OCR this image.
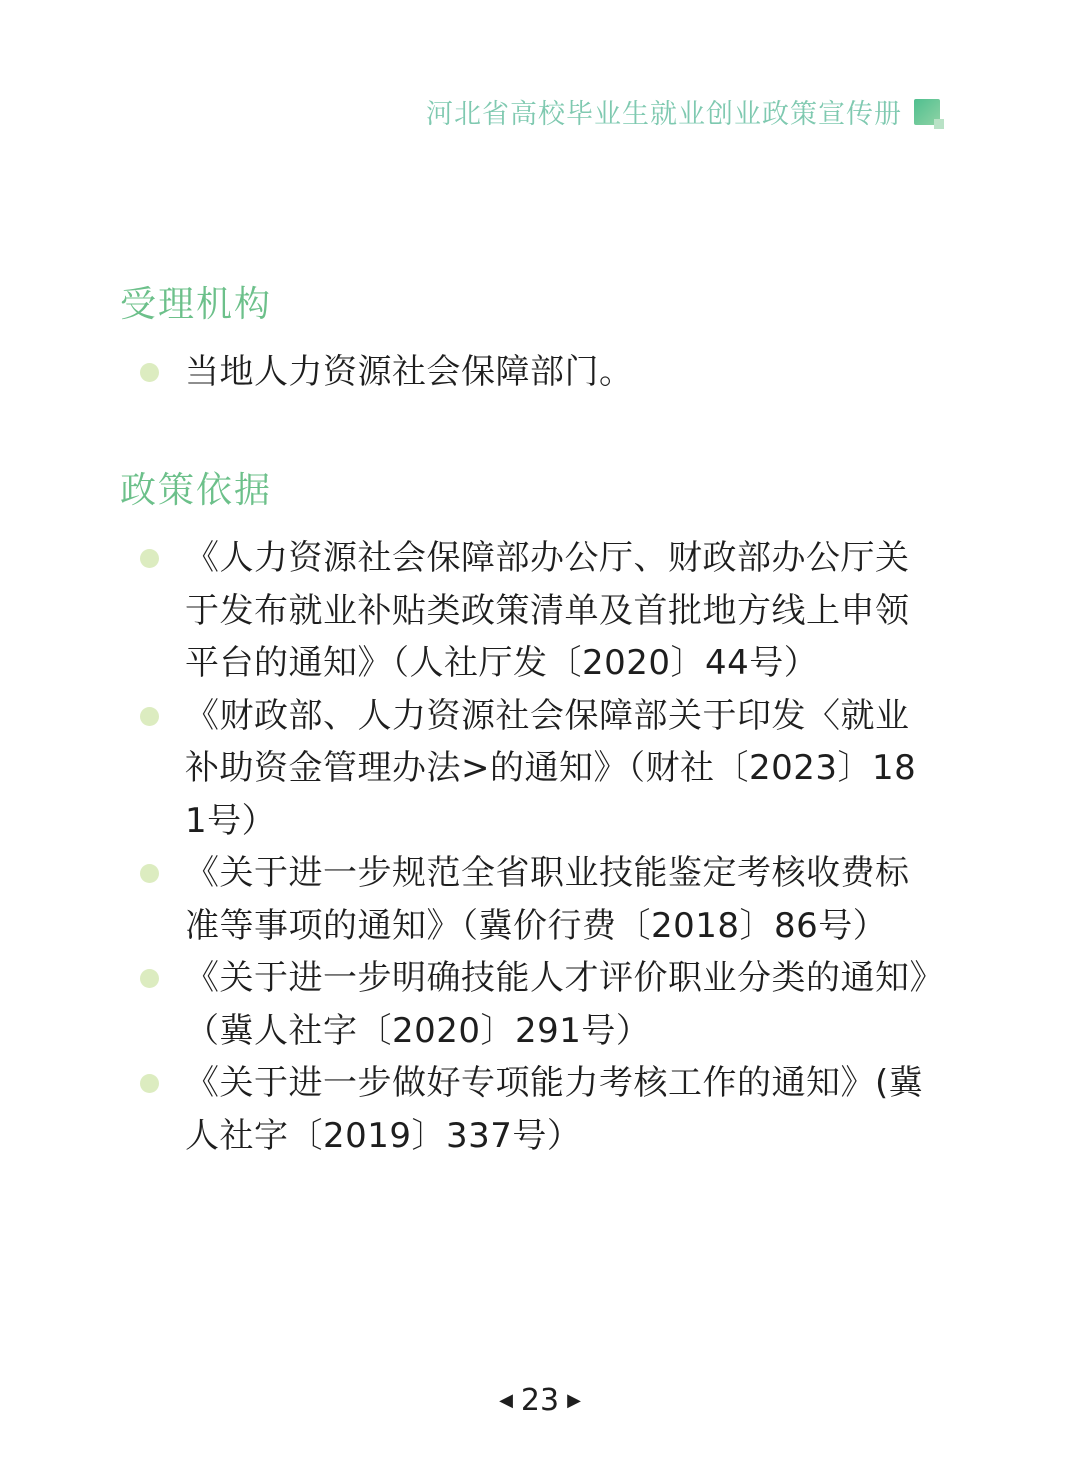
河北省高校毕业生就业创业政策宣传册
受理机构
当地人力资源社会保障部门。
政策依据
《人力资源社会保障部办公厅、财政部办公厅关于发布就业补贴类政策清单及首批地方线上申领平台的通知》（人社厅发〔2020〕44号）
《财政部、人力资源社会保障部关于印发〈就业补助资金管理办法>的通知》（财社〔2023〕181号）
《关于进一步规范全省职业技能鉴定考核收费标准等事项的通知》（冀价行费〔2018〕86号）
《关于进一步明确技能人才评价职业分类的通知》（冀人社字〔2020〕291号）
《关于进一步做好专项能力考核工作的通知》(冀人社字〔2019〕337号）
◀ 23 ▶
